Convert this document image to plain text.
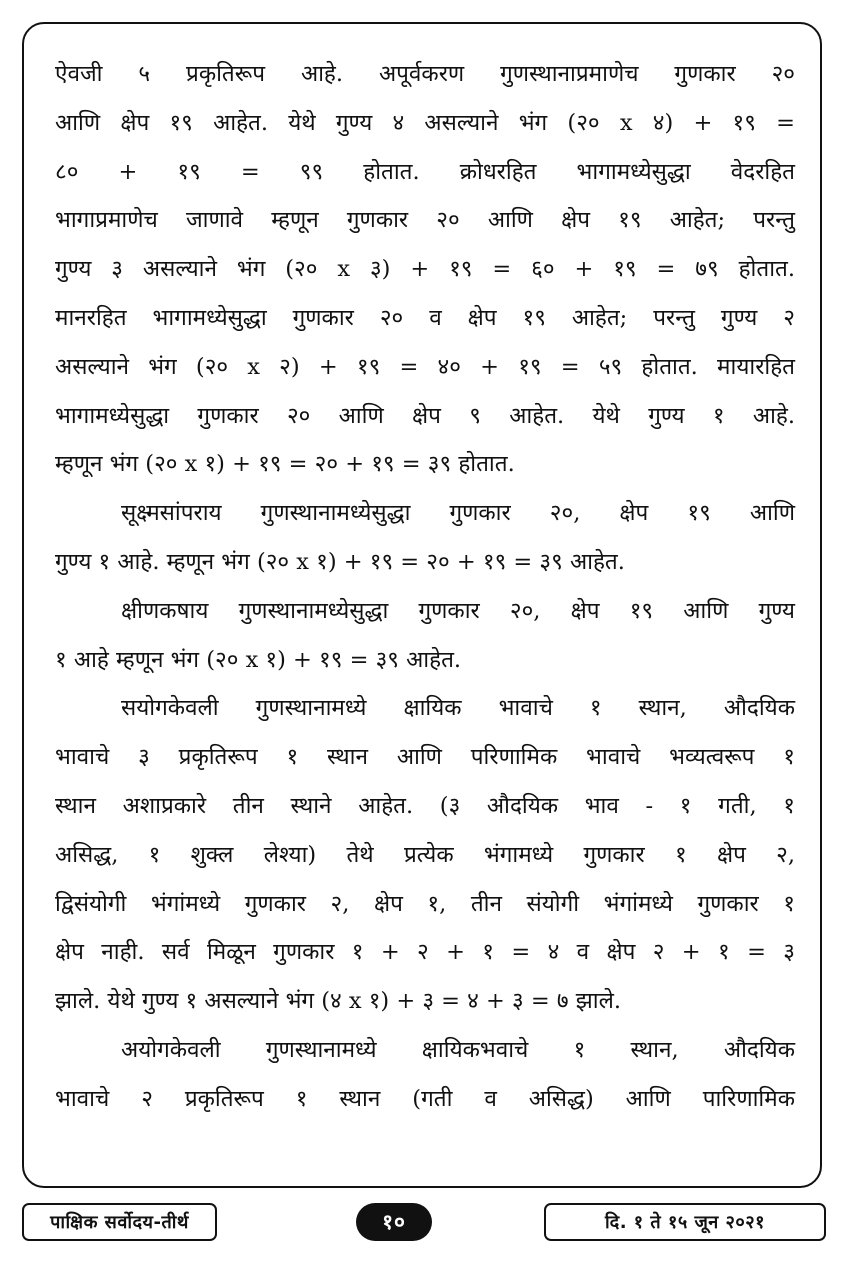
ऐवजी ५ प्रकृतिरूप आहे. अपूर्वकरण गुणस्थानाप्रमाणेच गुणकार २०
आणि क्षेप १९ आहेत. येथे गुण्य ४ असल्याने भंग (२० x ४) + १९ =
८० + १९ = ९९ होतात. क्रोधरहित भागामध्येसुद्धा वेदरहित
भागाप्रमाणेच जाणावे म्हणून गुणकार २० आणि क्षेप १९ आहेत; परन्तु
गुण्य ३ असल्याने भंग (२० x ३) + १९ = ६० + १९ = ७९ होतात.
मानरहित भागामध्येसुद्धा गुणकार २० व क्षेप १९ आहेत; परन्तु गुण्य २
असल्याने भंग (२० x २) + १९ = ४० + १९ = ५९ होतात. मायारहित
भागामध्येसुद्धा गुणकार २० आणि क्षेप ९ आहेत. येथे गुण्य १ आहे.
म्हणून भंग (२० x १) + १९ = २० + १९ = ३९ होतात.
सूक्ष्मसांपराय गुणस्थानामध्येसुद्धा गुणकार २०, क्षेप १९ आणि
गुण्य १ आहे. म्हणून भंग (२० x १) + १९ = २० + १९ = ३९ आहेत.
क्षीणकषाय गुणस्थानामध्येसुद्धा गुणकार २०, क्षेप १९ आणि गुण्य
१ आहे म्हणून भंग (२० x १) + १९ = ३९ आहेत.
सयोगकेवली गुणस्थानामध्ये क्षायिक भावाचे १ स्थान, औदयिक
भावाचे ३ प्रकृतिरूप १ स्थान आणि परिणामिक भावाचे भव्यत्वरूप १
स्थान अशाप्रकारे तीन स्थाने आहेत. (३ औदयिक भाव - १ गती, १
असिद्ध, १ शुक्ल लेश्या) तेथे प्रत्येक भंगामध्ये गुणकार १ क्षेप २,
द्विसंयोगी भंगांमध्ये गुणकार २, क्षेप १, तीन संयोगी भंगांमध्ये गुणकार १
क्षेप नाही. सर्व मिळून गुणकार १ + २ + १ = ४ व क्षेप २ + १ = ३
झाले. येथे गुण्य १ असल्याने भंग (४ x १) + ३ = ४ + ३ = ७ झाले.
अयोगकेवली गुणस्थानामध्ये क्षायिकभवाचे १ स्थान, औदयिक
भावाचे २ प्रकृतिरूप १ स्थान (गती व असिद्ध) आणि पारिणामिक
पाक्षिक सर्वोदय-तीर्थ	१०	दि. १ ते १५ जून २०२१
